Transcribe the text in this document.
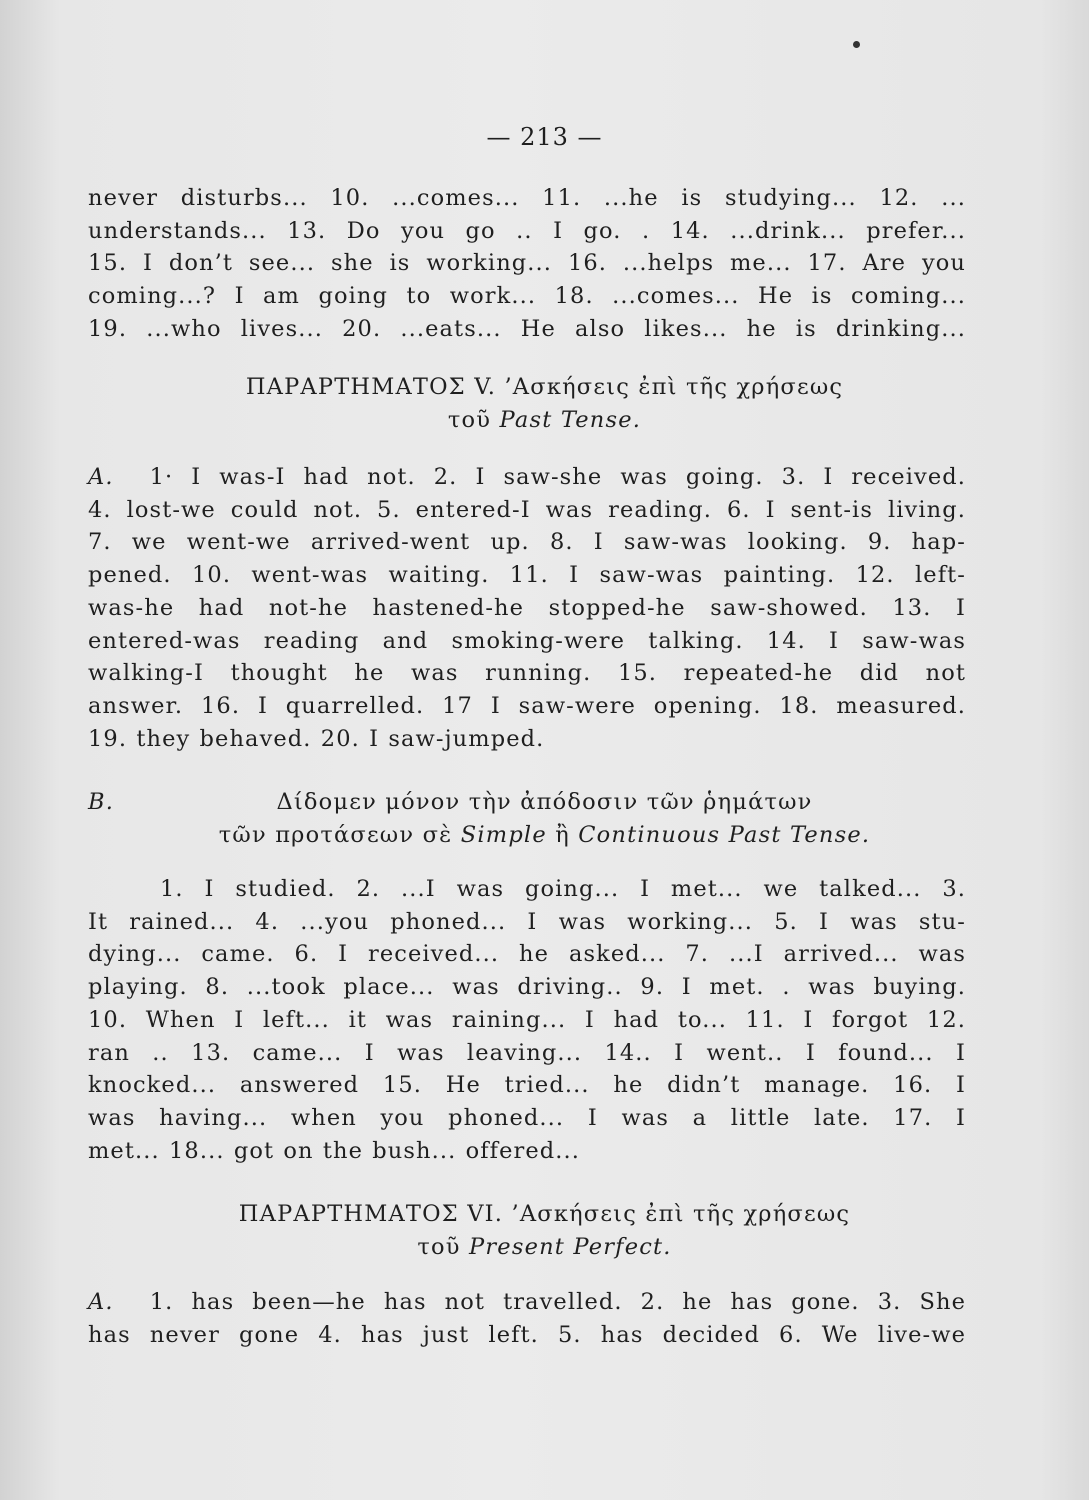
— 213 —
never disturbs... 10. ...comes... 11. ...he is studying... 12. ...
understands... 13. Do you go .. I go. . 14. ...drink... prefer...
15. I don’t see... she is working... 16. ...helps me... 17. Are you
coming...? I am going to work... 18. ...comes... He is coming...
19. ...who lives... 20. ...eats... He also likes... he is drinking...
ΠΑΡΑΡΤΗΜΑΤΟΣ V. ’Ασκήσεις ἐπὶ τῆς χρήσεως
τοῦ Past Tense.
A. 1· I was-I had not. 2. I saw-she was going. 3. I received.
4. lost-we could not. 5. entered-I was reading. 6. I sent-is living.
7. we went-we arrived-went up. 8. I saw-was looking. 9. hap-
pened. 10. went-was waiting. 11. I saw-was painting. 12. left-
was-he had not-he hastened-he stopped-he saw-showed. 13. I
entered-was reading and smoking-were talking. 14. I saw-was
walking-I thought he was running. 15. repeated-he did not
answer. 16. I quarrelled. 17 I saw-were opening. 18. measured.
19. they behaved. 20. I saw-jumped.
B.	Δίδομεν μόνον τὴν ἀπόδοσιν τῶν ῥημάτων
τῶν προτάσεων σὲ Simple ἢ Continuous Past Tense.
1. I studied. 2. ...I was going... I met... we talked... 3.
It rained... 4. ...you phoned... I was working... 5. I was stu-
dying... came. 6. I received... he asked... 7. ...I arrived... was
playing. 8. ...took place... was driving.. 9. I met. . was buying.
10. When I left... it was raining... I had to... 11. I forgot 12.
ran .. 13. came... I was leaving... 14.. I went.. I found... I
knocked... answered 15. He tried... he didn’t manage. 16. I
was having... when you phoned... I was a little late. 17. I
met... 18... got on the bush... offered...
ΠΑΡΑΡΤΗΜΑΤΟΣ VI. ’Ασκήσεις ἐπὶ τῆς χρήσεως
τοῦ Present Perfect.
A. 1. has been—he has not travelled. 2. he has gone. 3. She
has never gone 4. has just left. 5. has decided 6. We live-we
